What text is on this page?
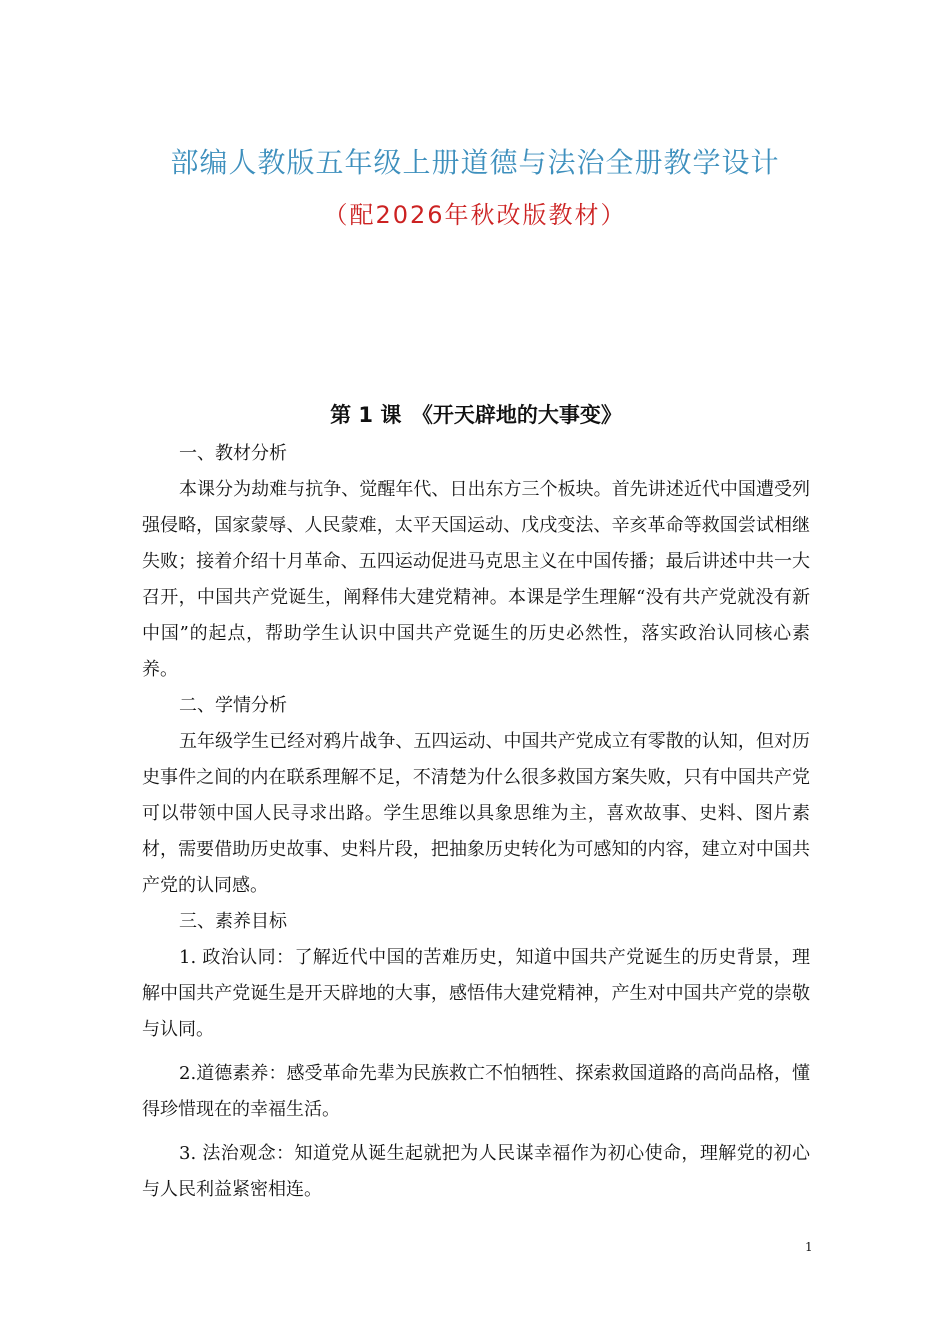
部编人教版五年级上册道德与法治全册教学设计
（配2026年秋改版教材）
第 1 课　《开天辟地的大事变》

一、教材分析

本课分为劫难与抗争、觉醒年代、日出东方三个板块。首先讲述近代中国遭受列强侵略，国家蒙辱、人民蒙难，太平天国运动、戊戌变法、辛亥革命等救国尝试相继失败；接着介绍十月革命、五四运动促进马克思主义在中国传播；最后讲述中共一大召开，中国共产党诞生，阐释伟大建党精神。本课是学生理解“没有共产党就没有新中国”的起点，帮助学生认识中国共产党诞生的历史必然性，落实政治认同核心素养。

二、学情分析

五年级学生已经对鸦片战争、五四运动、中国共产党成立有零散的认知，但对历史事件之间的内在联系理解不足，不清楚为什么很多救国方案失败，只有中国共产党可以带领中国人民寻求出路。学生思维以具象思维为主，喜欢故事、史料、图片素材，需要借助历史故事、史料片段，把抽象历史转化为可感知的内容，建立对中国共产党的认同感。

三、素养目标

1. 政治认同：了解近代中国的苦难历史，知道中国共产党诞生的历史背景，理解中国共产党诞生是开天辟地的大事，感悟伟大建党精神，产生对中国共产党的崇敬与认同。

2.道德素养：感受革命先辈为民族救亡不怕牺牲、探索救国道路的高尚品格，懂得珍惜现在的幸福生活。

3. 法治观念：知道党从诞生起就把为人民谋幸福作为初心使命，理解党的初心与人民利益紧密相连。

1
